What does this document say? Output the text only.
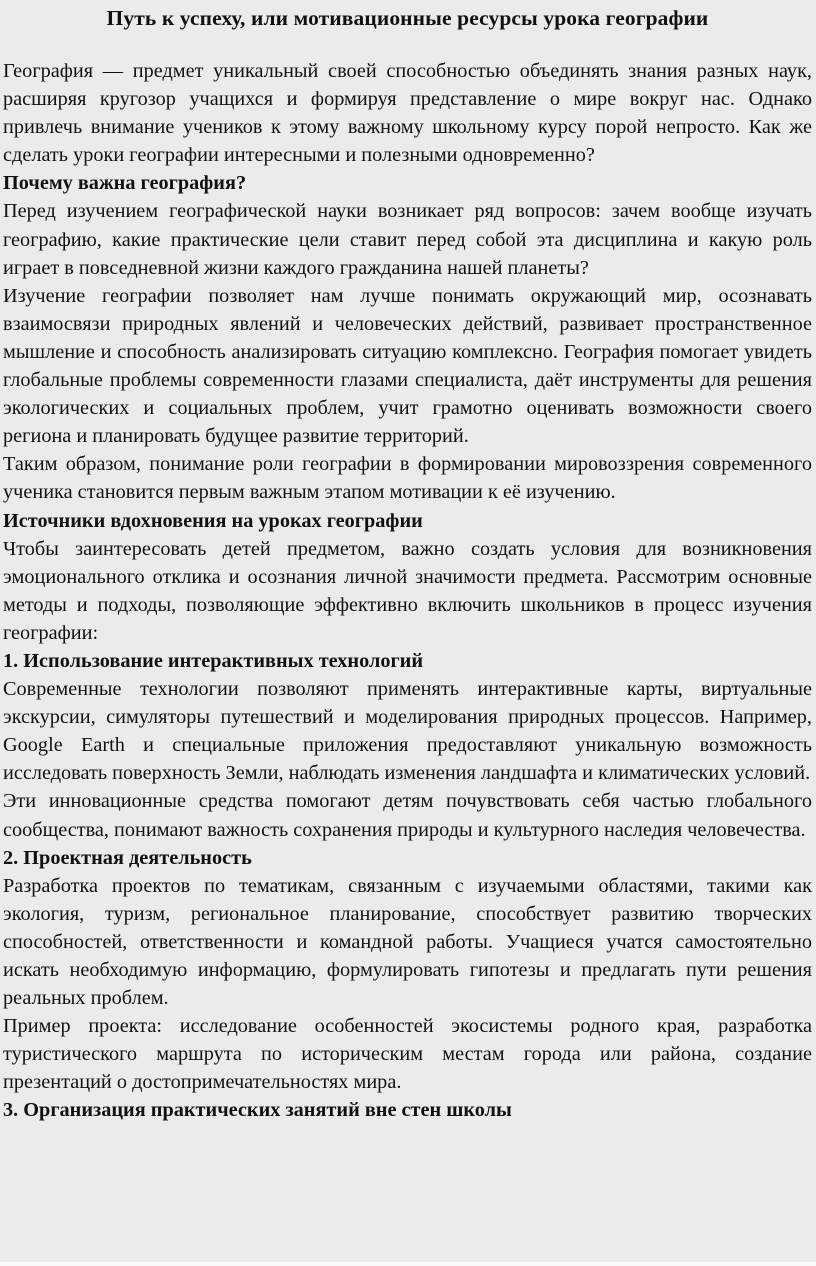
Путь к успеху, или мотивационные ресурсы урока географии

География — предмет уникальный своей способностью объединять знания разных наук, расширяя кругозор учащихся и формируя представление о мире вокруг нас. Однако привлечь внимание учеников к этому важному школьному курсу порой непросто. Как же сделать уроки географии интересными и полезными одновременно?

Почему важна география?

Перед изучением географической науки возникает ряд вопросов: зачем вообще изучать географию, какие практические цели ставит перед собой эта дисциплина и какую роль играет в повседневной жизни каждого гражданина нашей планеты?

Изучение географии позволяет нам лучше понимать окружающий мир, осознавать взаимосвязи природных явлений и человеческих действий, развивает пространственное мышление и способность анализировать ситуацию комплексно. География помогает увидеть глобальные проблемы современности глазами специалиста, даёт инструменты для решения экологических и социальных проблем, учит грамотно оценивать возможности своего региона и планировать будущее развитие территорий.

Таким образом, понимание роли географии в формировании мировоззрения современного ученика становится первым важным этапом мотивации к её изучению.

Источники вдохновения на уроках географии

Чтобы заинтересовать детей предметом, важно создать условия для возникновения эмоционального отклика и осознания личной значимости предмета. Рассмотрим основные методы и подходы, позволяющие эффективно включить школьников в процесс изучения географии:

1. Использование интерактивных технологий

Современные технологии позволяют применять интерактивные карты, виртуальные экскурсии, симуляторы путешествий и моделирования природных процессов. Например, Google Earth и специальные приложения предоставляют уникальную возможность исследовать поверхность Земли, наблюдать изменения ландшафта и климатических условий.

Эти инновационные средства помогают детям почувствовать себя частью глобального сообщества, понимают важность сохранения природы и культурного наследия человечества.

2. Проектная деятельность

Разработка проектов по тематикам, связанным с изучаемыми областями, такими как экология, туризм, региональное планирование, способствует развитию творческих способностей, ответственности и командной работы. Учащиеся учатся самостоятельно искать необходимую информацию, формулировать гипотезы и предлагать пути решения реальных проблем.

Пример проекта: исследование особенностей экосистемы родного края, разработка туристического маршрута по историческим местам города или района, создание презентаций о достопримечательностях мира.

3. Организация практических занятий вне стен школы
